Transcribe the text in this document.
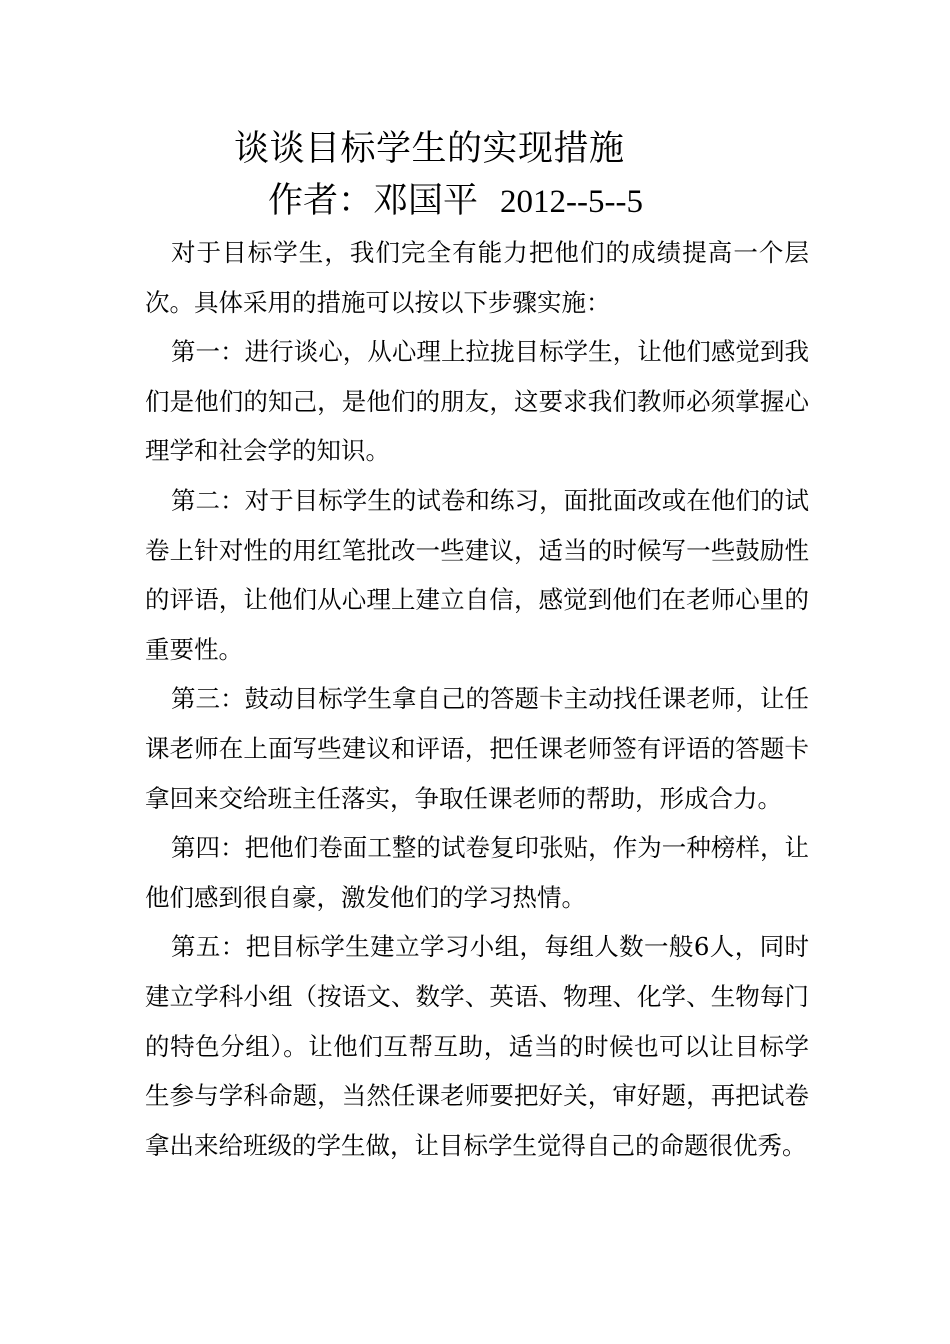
谈谈目标学生的实现措施
作者：邓国平 2012--5--5

对于目标学生，我们完全有能力把他们的成绩提高一个层次。具体采用的措施可以按以下步骤实施：

第一：进行谈心，从心理上拉拢目标学生，让他们感觉到我们是他们的知己，是他们的朋友，这要求我们教师必须掌握心理学和社会学的知识。

第二：对于目标学生的试卷和练习，面批面改或在他们的试卷上针对性的用红笔批改一些建议，适当的时候写一些鼓励性的评语，让他们从心理上建立自信，感觉到他们在老师心里的重要性。

第三：鼓动目标学生拿自己的答题卡主动找任课老师，让任课老师在上面写些建议和评语，把任课老师签有评语的答题卡拿回来交给班主任落实，争取任课老师的帮助，形成合力。

第四：把他们卷面工整的试卷复印张贴，作为一种榜样，让他们感到很自豪，激发他们的学习热情。

第五：把目标学生建立学习小组，每组人数一般6人，同时建立学科小组（按语文、数学、英语、物理、化学、生物每门的特色分组）。让他们互帮互助，适当的时候也可以让目标学生参与学科命题，当然任课老师要把好关，审好题，再把试卷拿出来给班级的学生做，让目标学生觉得自己的命题很优秀。
